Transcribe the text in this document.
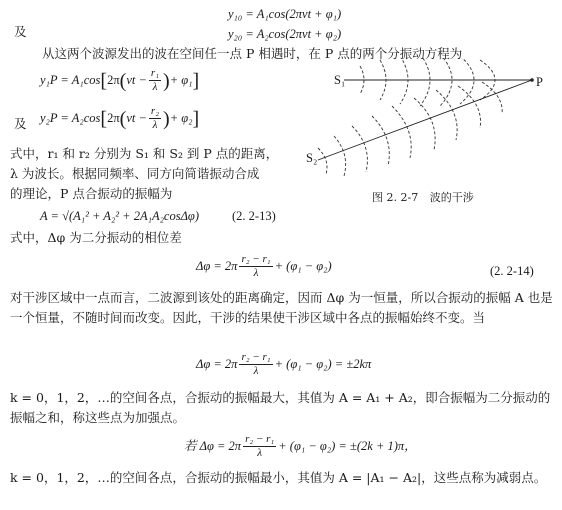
y₁₀ = A₁cos(2πνt + φ₁)
及	y₂₀ = A₂cos(2πνt + φ₂)
从这两个波源发出的波在空间任一点 P 相遇时，在 P 点的两个分振动方程为
y₁P = A₁cos [ 2π ( $\nu t - \frac{\text{r₁}}{\lambda}$ ) + φ₁ ]
及 y₂P = A₂cos [ 2π ( $\nu t - \frac{\text{r₂}}{\lambda}$ ) + φ₂ ]
S₁	P
S₂
图 2. 2-7 波的干涉
式中，r₁ 和 r₂ 分别为 S₁ 和 S₂ 到 P 点的距离，
λ 为波长。根据同频率、同方向简谐振动合成
的理论，P 点合振动的振幅为
A = √(A₁² + A₂² + 2A₁A₂cosΔφ)	(2. 2-13)
式中，Δφ 为二分振动的相位差
$\Delta\varphi = 2\pi \frac{\text{r₂ − r₁}}{\lambda} + (\varphi_1 - \varphi_2)$	(2. 2-14)
对干涉区域中一点而言，二波源到该处的距离确定，因而 Δφ 为一恒量，所以合振动的振幅 A 也是一个恒量，不随时间而改变。因此，干涉的结果使干涉区域中各点的振幅始终不变。当
$\Delta\varphi = 2\pi \frac{\text{r₂ − r₁}}{\lambda} + (\varphi_1 - \varphi_2) = \pm 2k\pi$
k = 0，1，2，…的空间各点，合振动的振幅最大，其值为 A = A₁ + A₂，即合振幅为二分振动的振幅之和，称这些点为加强点。
若 $\Delta\varphi = 2\pi \frac{\text{r₂ − r₁}}{\lambda} + (\varphi_1 - \varphi_2) = \pm(2k + 1)\pi$，
k = 0，1，2，…的空间各点，合振动的振幅最小，其值为 A = |A₁ − A₂|，这些点称为减弱点。
